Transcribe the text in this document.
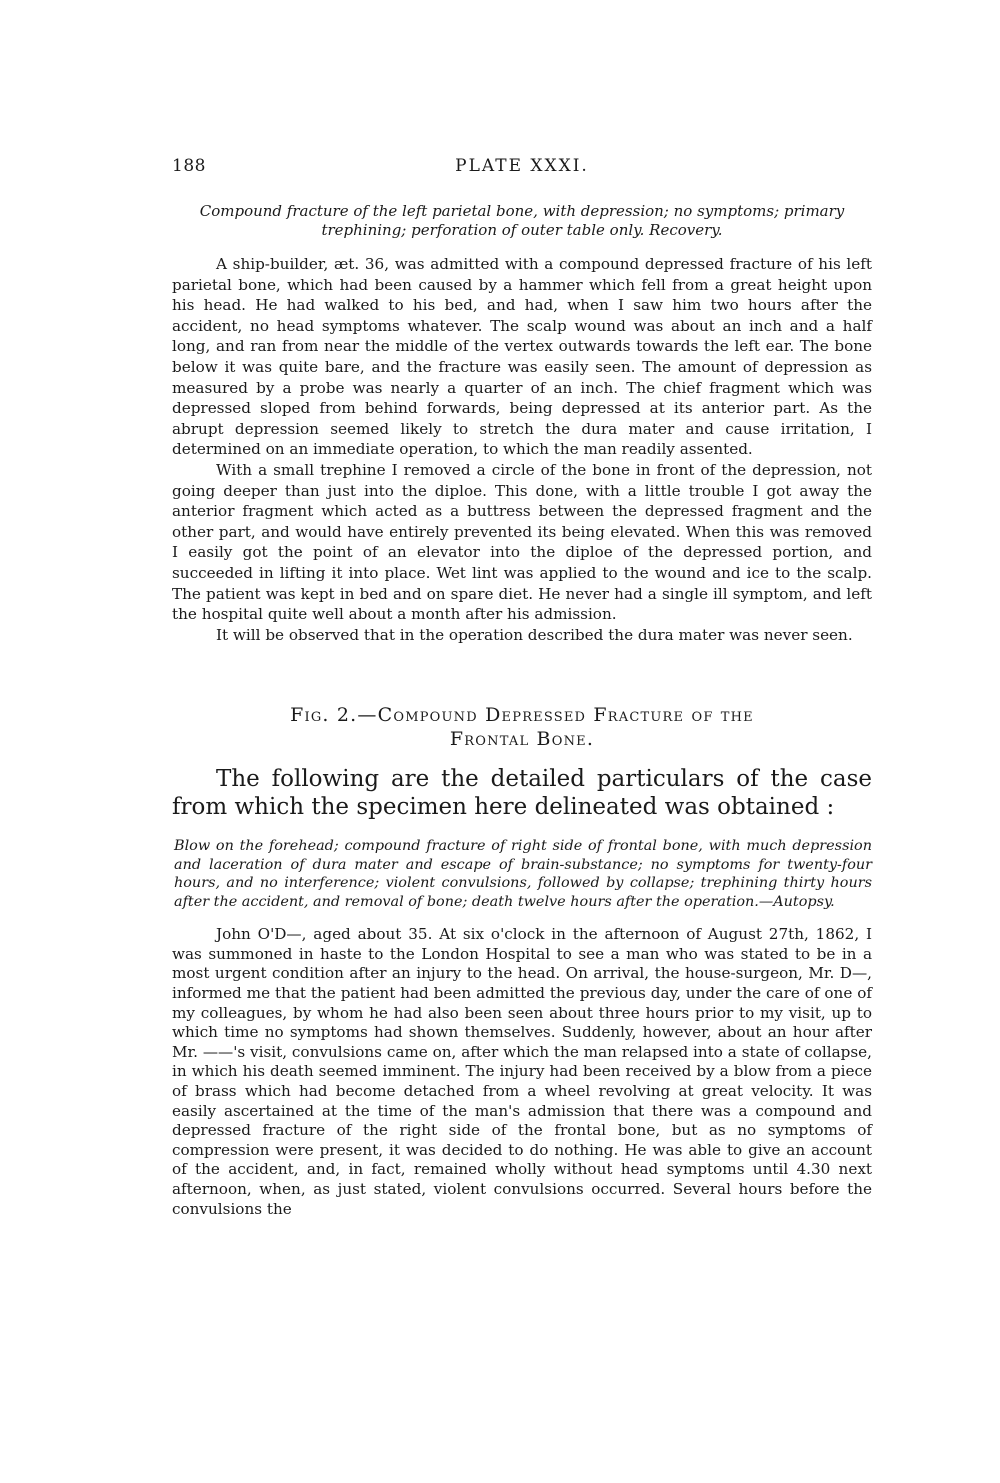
188	PLATE XXXI.
Compound fracture of the left parietal bone, with depression; no symptoms; primary trephining; perforation of outer table only. Recovery.

A ship-builder, æt. 36, was admitted with a compound depressed fracture of his left parietal bone, which had been caused by a hammer which fell from a great height upon his head. He had walked to his bed, and had, when I saw him two hours after the accident, no head symptoms whatever. The scalp wound was about an inch and a half long, and ran from near the middle of the vertex outwards towards the left ear. The bone below it was quite bare, and the fracture was easily seen. The amount of depression as measured by a probe was nearly a quarter of an inch. The chief fragment which was depressed sloped from behind forwards, being depressed at its anterior part. As the abrupt depression seemed likely to stretch the dura mater and cause irritation, I determined on an immediate operation, to which the man readily assented.

With a small trephine I removed a circle of the bone in front of the depression, not going deeper than just into the diploe. This done, with a little trouble I got away the anterior fragment which acted as a buttress between the depressed fragment and the other part, and would have entirely prevented its being elevated. When this was removed I easily got the point of an elevator into the diploe of the depressed portion, and succeeded in lifting it into place. Wet lint was applied to the wound and ice to the scalp. The patient was kept in bed and on spare diet. He never had a single ill symptom, and left the hospital quite well about a month after his admission.

It will be observed that in the operation described the dura mater was never seen.

Fig. 2.—Compound Depressed Fracture of the
Frontal Bone.

The following are the detailed particulars of the case from which the specimen here delineated was obtained :

Blow on the forehead; compound fracture of right side of frontal bone, with much depression and laceration of dura mater and escape of brain-substance; no symptoms for twenty-four hours, and no interference; violent convulsions, followed by collapse; trephining thirty hours after the accident, and removal of bone; death twelve hours after the operation.—Autopsy.

John O'D—, aged about 35. At six o'clock in the afternoon of August 27th, 1862, I was summoned in haste to the London Hospital to see a man who was stated to be in a most urgent condition after an injury to the head. On arrival, the house-surgeon, Mr. D—, informed me that the patient had been admitted the previous day, under the care of one of my colleagues, by whom he had also been seen about three hours prior to my visit, up to which time no symptoms had shown themselves. Suddenly, however, about an hour after Mr. ——'s visit, convulsions came on, after which the man relapsed into a state of collapse, in which his death seemed imminent. The injury had been received by a blow from a piece of brass which had become detached from a wheel revolving at great velocity. It was easily ascertained at the time of the man's admission that there was a compound and depressed fracture of the right side of the frontal bone, but as no symptoms of compression were present, it was decided to do nothing. He was able to give an account of the accident, and, in fact, remained wholly without head symptoms until 4.30 next afternoon, when, as just stated, violent convulsions occurred. Several hours before the convulsions the
